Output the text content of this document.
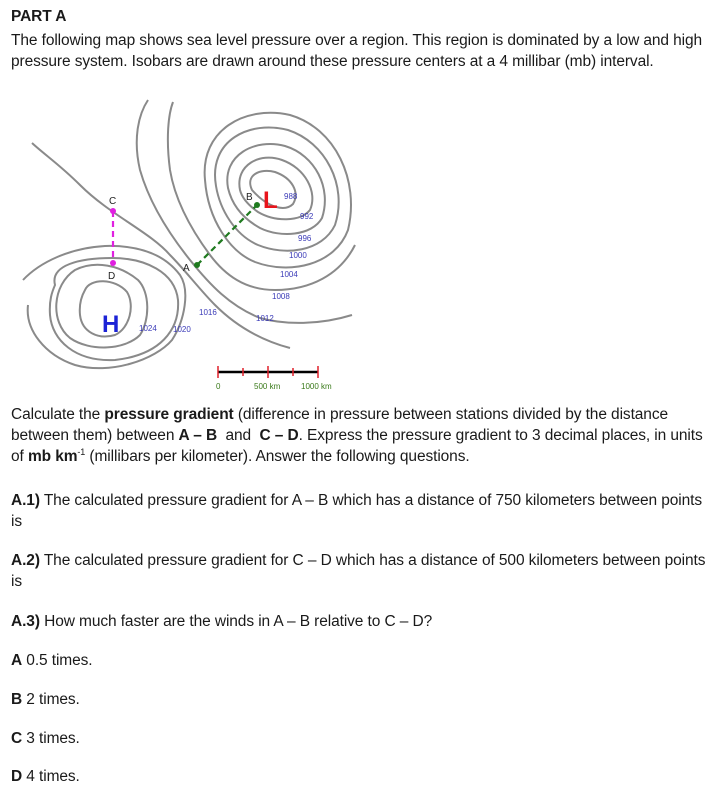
PART A
The following map shows sea level pressure over a region. This region is dominated by a low and high pressure system. Isobars are drawn around these pressure centers at a 4 millibar (mb) interval.
A
B
C
D
L
H
988
992
996
1000
1004
1008
1012
1016
1020
1024
0	500 km	1000 km
Calculate the pressure gradient (difference in pressure between stations divided by the distance between them) between A – B  and  C – D. Express the pressure gradient to 3 decimal places, in units of mb $km^{-1}$ (millibars per kilometer). Answer the following questions.
A.1) The calculated pressure gradient for A – B which has a distance of 750 kilometers between points is
A.2) The calculated pressure gradient for C – D which has a distance of 500 kilometers between points is
A.3) How much faster are the winds in A – B relative to C – D?
A 0.5 times.
B 2 times.
C 3 times.
D 4 times.
